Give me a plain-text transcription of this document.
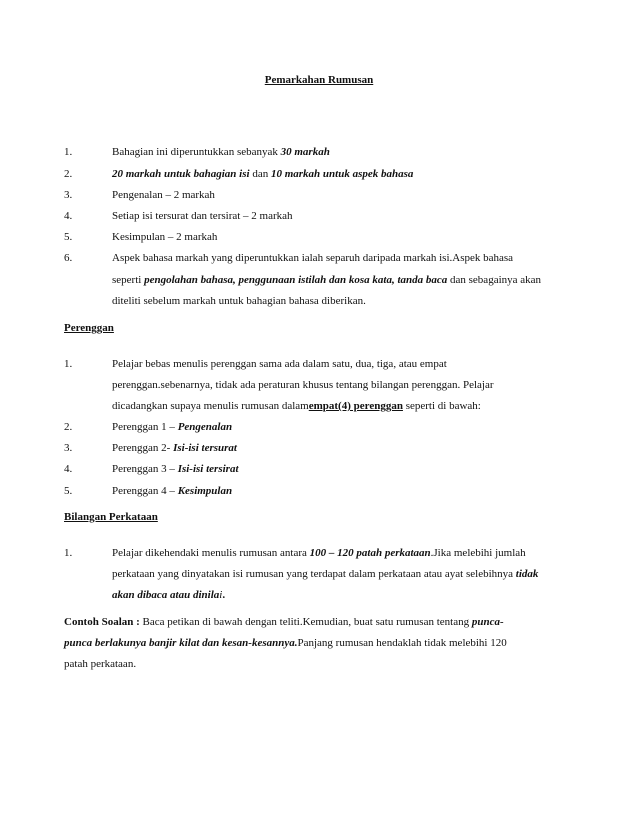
Pemarkahan Rumusan
1.	Bahagian ini diperuntukkan sebanyak 30 markah
2.	20 markah untuk bahagian isi dan 10 markah untuk aspek bahasa
3.	Pengenalan – 2 markah
4.	Setiap isi tersurat dan tersirat – 2 markah
5.	Kesimpulan – 2 markah
6.	Aspek bahasa markah yang diperuntukkan ialah separuh daripada markah isi.Aspek bahasa
seperti pengolahan bahasa, penggunaan istilah dan kosa kata, tanda baca dan sebagainya akan
diteliti sebelum markah untuk bahagian bahasa diberikan.
Perenggan
1.	Pelajar bebas menulis perenggan sama ada dalam satu, dua, tiga, atau empat
perenggan.sebenarnya, tidak ada peraturan khusus tentang bilangan perenggan. Pelajar
dicadangkan supaya menulis rumusan dalamempat(4) perenggan seperti di bawah:
2.	Perenggan 1 – Pengenalan
3.	Perenggan 2- Isi-isi tersurat
4.	Perenggan 3 – Isi-isi tersirat
5.	Perenggan 4 – Kesimpulan
Bilangan Perkataan
1.	Pelajar dikehendaki menulis rumusan antara 100 – 120 patah perkataan.Jika melebihi jumlah
perkataan yang dinyatakan isi rumusan yang terdapat dalam perkataan atau ayat selebihnya tidak
akan dibaca atau dinilai.
Contoh Soalan : Baca petikan di bawah dengan teliti.Kemudian, buat satu rumusan tentang punca-
punca berlakunya banjir kilat dan kesan-kesannya.Panjang rumusan hendaklah tidak melebihi 120
patah perkataan.
